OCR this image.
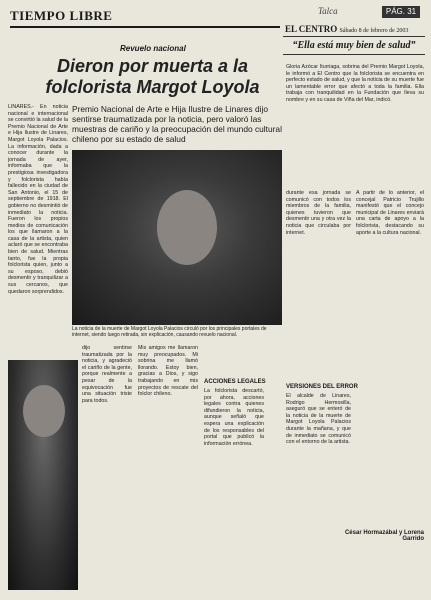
TIEMPO LIBRE	Talca	PÁG. 31
EL CENTRO Sábado 8 de febrero de 2003
“Ella está muy bien de salud”
Gloria Azócar Iturriaga, sobrina del Premio Margot Loyola, le informó a El Centro que la folclorista se encuentra en perfecto estado de salud, y que la noticia de su muerte fue un lamentable error que afectó a toda la familia. Ella trabaja con tranquilidad en la Fundación que lleva su nombre y en su casa de Viña del Mar, indicó.
Revuelo nacional
Dieron por muerta a la folclorista Margot Loyola
Premio Nacional de Arte e Hija Ilustre de Linares dijo sentirse traumatizada por la noticia, pero valoró las muestras de cariño y la preocupación del mundo cultural chileno por su estado de salud
LINARES.- En noticia nacional e internacional se convirtió la salud de la Premio Nacional de Arte e Hija Ilustre de Linares, Margot Loyola Palacios. La información, dada a conocer durante la jornada de ayer, informaba que la prestigiosa investigadora y folclorista había fallecido en la ciudad de San Antonio, el 15 de septiembre de 1918. El gobierno no desmintió de inmediato la noticia. Fueron los propios medios de comunicación los que llamaron a la casa de la artista, quien aclaró que se encontraba bien de salud. Mientras tanto, fue la propia folclorista quien, junto a su esposo, debió desmentir y tranquilizar a sus cercanos, que quedaron sorprendidos.
La noticia de la muerte de Margot Loyola Palacios circuló por los principales portales de internet, siendo luego retirada, sin explicación, causando revuelo nacional.
dijo sentirse traumatizada por la noticia, y agradeció el cariño de la gente, porque realmente a pesar de la equivocación fue una situación triste para todos.
Mis amigos me llamaron muy preocupados. Mi sobrina me llamó llorando. Estoy bien, gracias a Dios, y sigo trabajando en mis proyectos de rescate del folclor chileno.
ACCIONES LEGALES
La folclorista descartó, por ahora, acciones legales contra quienes difundieron la noticia, aunque señaló que espera una explicación de los responsables del portal que publicó la información errónea.
durante esa jornada se comunicó con todos los miembros de la familia, quienes tuvieron que desmentir una y otra vez la noticia que circulaba por internet.
VERSIONES DEL ERROR
El alcalde de Linares, Rodrigo Hermosilla, aseguró que se enteró de la noticia de la muerte de Margot Loyola Palacios durante la mañana, y que de inmediato se comunicó con el entorno de la artista.
A partir de lo anterior, el concejal Patricio Trujillo manifestó que el concejo municipal de Linares enviará una carta de apoyo a la folclorista, destacando su aporte a la cultura nacional.
César Hormazábal y Lorena Garrido
